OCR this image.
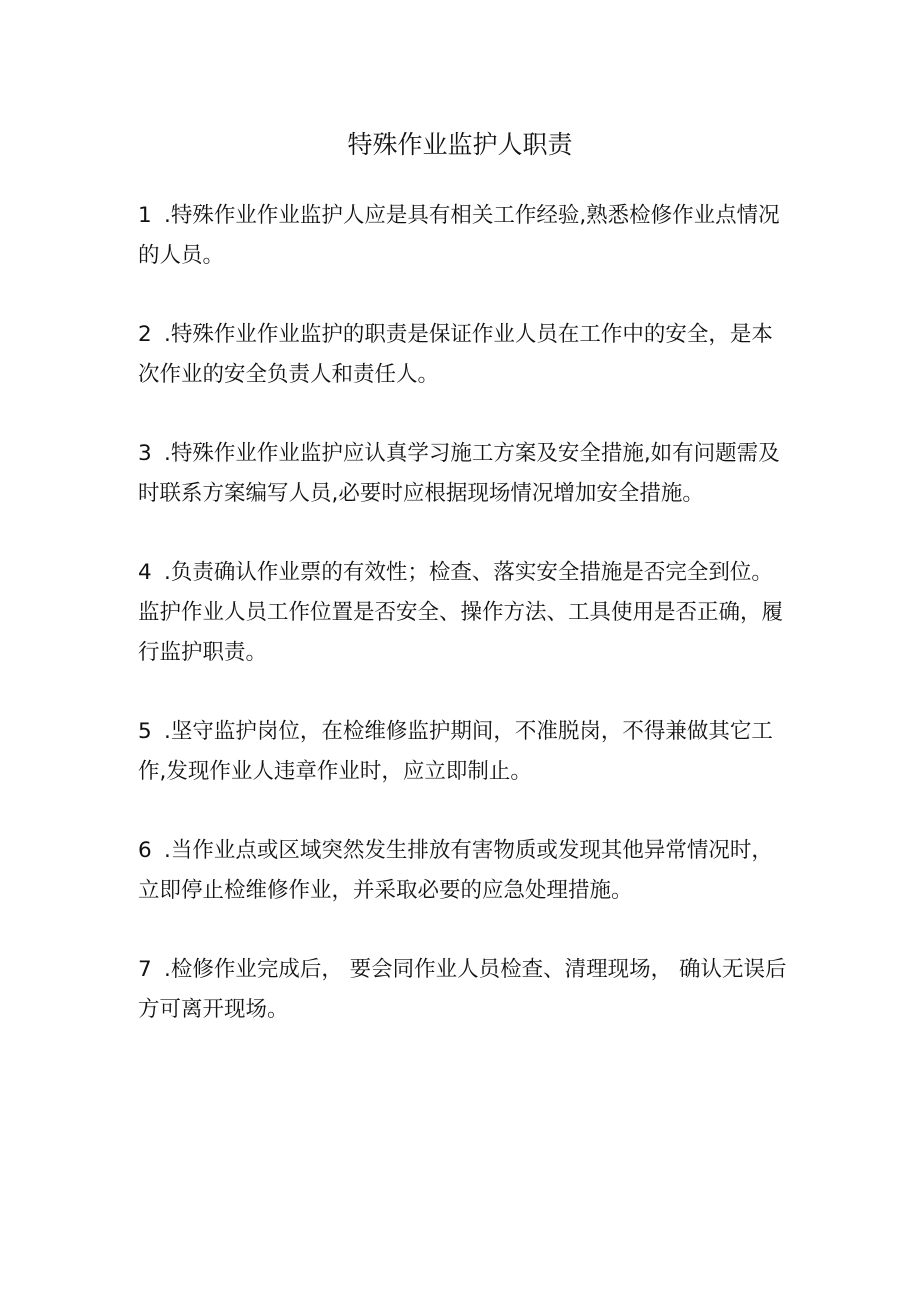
特殊作业监护人职责
1 .特殊作业作业监护人应是具有相关工作经验,熟悉检修作业点情况的人员。
2 .特殊作业作业监护的职责是保证作业人员在工作中的安全，是本次作业的安全负责人和责任人。
3 .特殊作业作业监护应认真学习施工方案及安全措施,如有问题需及时联系方案编写人员,必要时应根据现场情况增加安全措施。
4 .负责确认作业票的有效性；检查、落实安全措施是否完全到位。监护作业人员工作位置是否安全、操作方法、工具使用是否正确，履行监护职责。
5 .坚守监护岗位，在检维修监护期间，不准脱岗，不得兼做其它工作,发现作业人违章作业时，应立即制止。
6 .当作业点或区域突然发生排放有害物质或发现其他异常情况时，立即停止检维修作业，并采取必要的应急处理措施。
7 .检修作业完成后， 要会同作业人员检查、清理现场， 确认无误后方可离开现场。
